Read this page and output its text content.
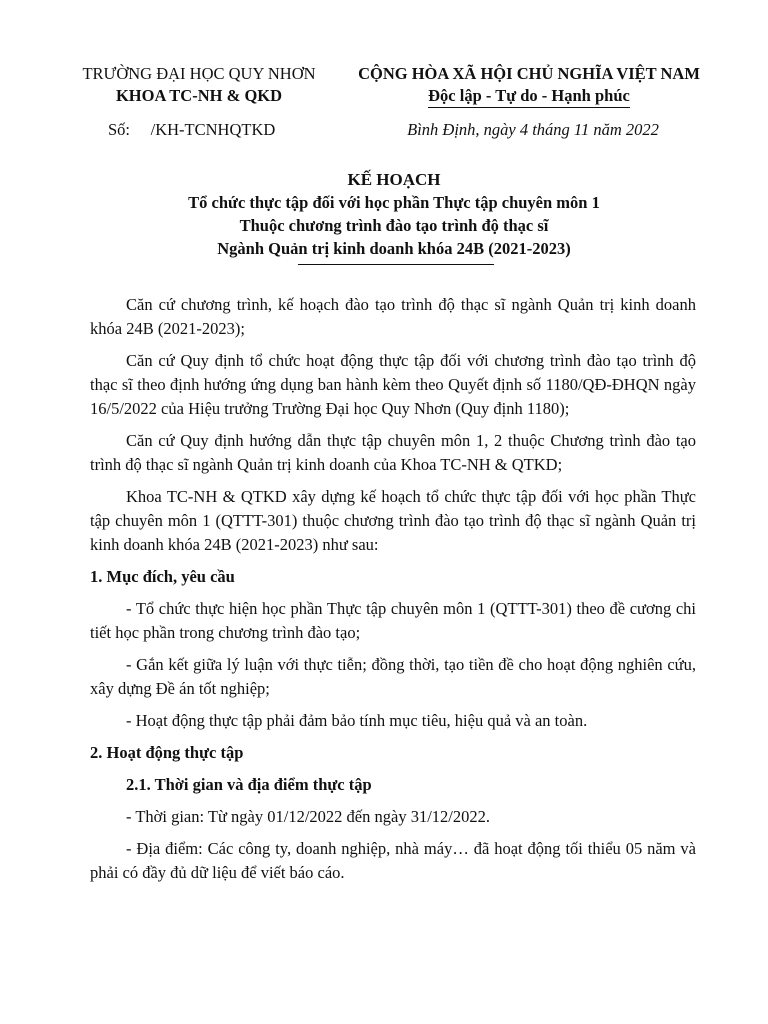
TRƯỜNG ĐẠI HỌC QUY NHƠN
KHOA TC-NH & QKD
CỘNG HÒA XÃ HỘI CHỦ NGHĨA VIỆT NAM
Độc lập - Tự do - Hạnh phúc
Số:     /KH-TCNHQTKD	Bình Định, ngày 4 tháng 11 năm 2022
KẾ HOẠCH
Tổ chức thực tập đối với học phần Thực tập chuyên môn 1
Thuộc chương trình đào tạo trình độ thạc sĩ
Ngành Quản trị kinh doanh khóa 24B (2021-2023)

Căn cứ chương trình, kế hoạch đào tạo trình độ thạc sĩ ngành Quản trị kinh doanh khóa 24B (2021-2023);

Căn cứ Quy định tổ chức hoạt động thực tập đối với chương trình đào tạo trình độ thạc sĩ theo định hướng ứng dụng ban hành kèm theo Quyết định số 1180/QĐ-ĐHQN ngày 16/5/2022 của Hiệu trưởng Trường Đại học Quy Nhơn (Quy định 1180);

Căn cứ Quy định hướng dẫn thực tập chuyên môn 1, 2 thuộc Chương trình đào tạo trình độ thạc sĩ ngành Quản trị kinh doanh của Khoa TC-NH & QTKD;

Khoa TC-NH & QTKD xây dựng kế hoạch tổ chức thực tập đối với học phần Thực tập chuyên môn 1 (QTTT-301) thuộc chương trình đào tạo trình độ thạc sĩ ngành Quản trị kinh doanh khóa 24B (2021-2023) như sau:

1. Mục đích, yêu cầu

- Tổ chức thực hiện học phần Thực tập chuyên môn 1 (QTTT-301) theo đề cương chi tiết học phần trong chương trình đào tạo;

- Gắn kết giữa lý luận với thực tiễn; đồng thời, tạo tiền đề cho hoạt động nghiên cứu, xây dựng Đề án tốt nghiệp;

- Hoạt động thực tập phải đảm bảo tính mục tiêu, hiệu quả và an toàn.

2. Hoạt động thực tập

2.1. Thời gian và địa điểm thực tập

- Thời gian: Từ ngày 01/12/2022 đến ngày 31/12/2022.

- Địa điểm: Các công ty, doanh nghiệp, nhà máy… đã hoạt động tối thiểu 05 năm và phải có đầy đủ dữ liệu để viết báo cáo.
